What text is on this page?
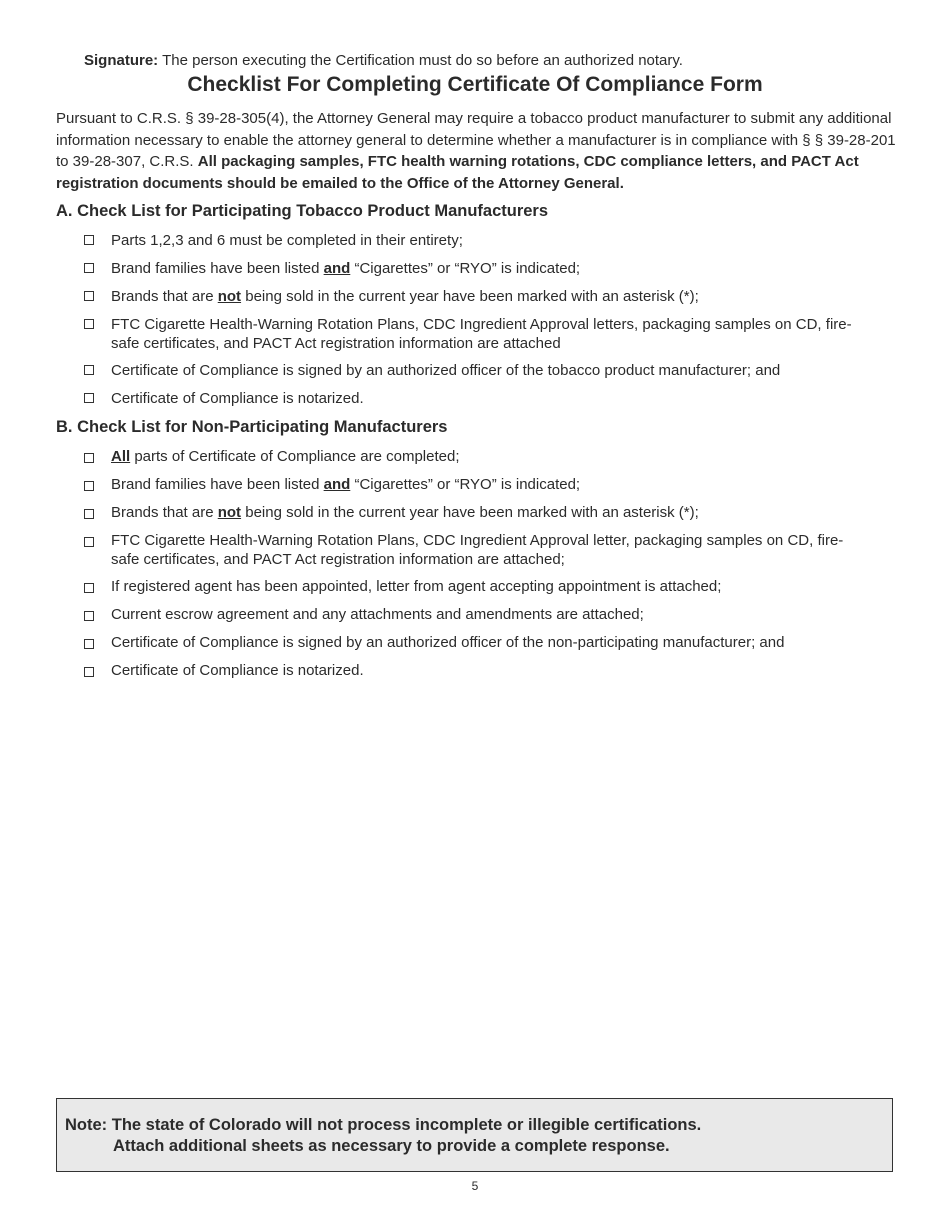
Signature: The person executing the Certification must do so before an authorized notary.
Checklist For Completing Certificate Of Compliance Form
Pursuant to C.R.S. § 39-28-305(4), the Attorney General may require a tobacco product manufacturer to submit any additional information necessary to enable the attorney general to determine whether a manufacturer is in compliance with § § 39-28-201 to 39-28-307, C.R.S. All packaging samples, FTC health warning rotations, CDC compliance letters, and PACT Act registration documents should be emailed to the Office of the Attorney General.
A. Check List for Participating Tobacco Product Manufacturers
Parts 1,2,3 and 6 must be completed in their entirety;
Brand families have been listed and “Cigarettes” or “RYO” is indicated;
Brands that are not being sold in the current year have been marked with an asterisk (*);
FTC Cigarette Health-Warning Rotation Plans, CDC Ingredient Approval letters, packaging samples on CD, fire-safe certificates, and PACT Act registration information are attached
Certificate of Compliance is signed by an authorized officer of the tobacco product manufacturer; and
Certificate of Compliance is notarized.
B. Check List for Non-Participating Manufacturers
All parts of Certificate of Compliance are completed;
Brand families have been listed and “Cigarettes” or “RYO” is indicated;
Brands that are not being sold in the current year have been marked with an asterisk (*);
FTC Cigarette Health-Warning Rotation Plans, CDC Ingredient Approval letter, packaging samples on CD, fire-safe certificates, and PACT Act registration information are attached;
If registered agent has been appointed, letter from agent accepting appointment is attached;
Current escrow agreement and any attachments and amendments are attached;
Certificate of Compliance is signed by an authorized officer of the non-participating manufacturer; and
Certificate of Compliance is notarized.
Note: The state of Colorado will not process incomplete or illegible certifications.
Attach additional sheets as necessary to provide a complete response.
5
